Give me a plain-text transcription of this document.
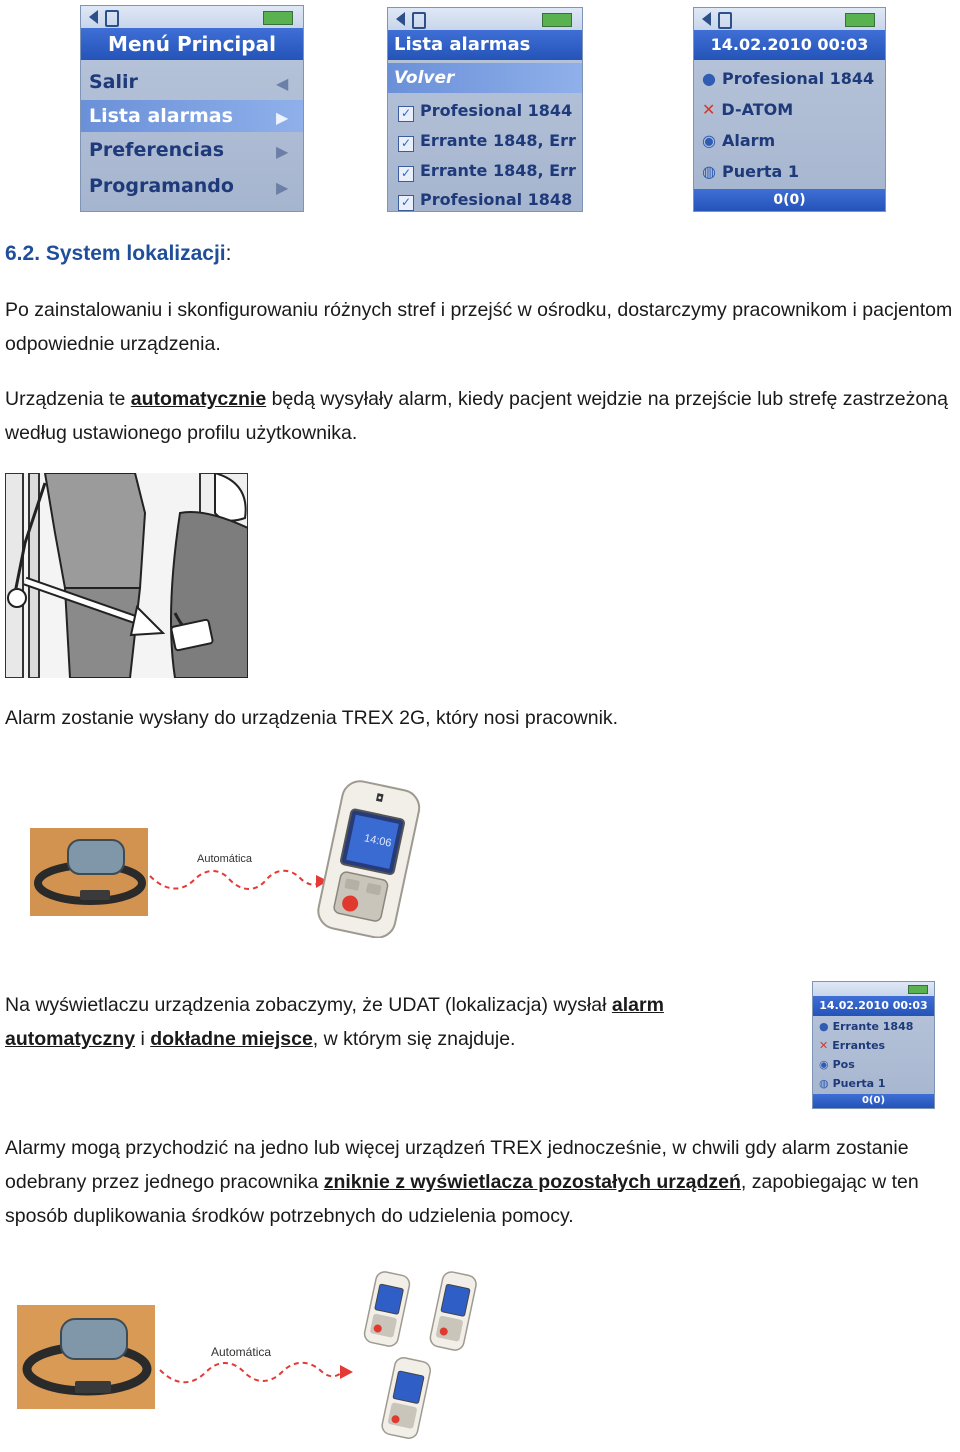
Menú Principal
Salir
Lista alarmas
Preferencias
Programando
◀
▶
▶
▶
Lista alarmas
Volver
✓ Profesional 1844
✓ Errante 1848, Err
✓ Errante 1848, Err
✓ Profesional 1848
14.02.2010 00:03
● Profesional 1844
✕ D-ATOM
◉ Alarm
◍ Puerta 1
0(0)
6.2. System lokalizacji:
Po zainstalowaniu i skonfigurowaniu różnych stref i przejść w ośrodku, dostarczymy pracownikom i pacjentom odpowiednie urządzenia.
Urządzenia te automatycznie będą wysyłały alarm, kiedy pacjent wejdzie na przejście lub strefę zastrzeżoną według ustawionego profilu użytkownika.
Alarm zostanie wysłany do urządzenia TREX 2G, który nosi pracownik.
Automática
◘
14:06
Na wyświetlaczu urządzenia zobaczymy, że UDAT (lokalizacja) wysłał alarm automatyczny i dokładne miejsce, w którym się znajduje.
14.02.2010 00:03
● Errante 1848
✕ Errantes
◉ Pos
◍ Puerta 1
0(0)
Alarmy mogą przychodzić na jedno lub więcej urządzeń TREX jednocześnie, w chwili gdy alarm zostanie odebrany przez jednego pracownika zniknie z wyświetlacza pozostałych urządzeń, zapobiegając w ten sposób duplikowania środków potrzebnych do udzielenia pomocy.
Automática
